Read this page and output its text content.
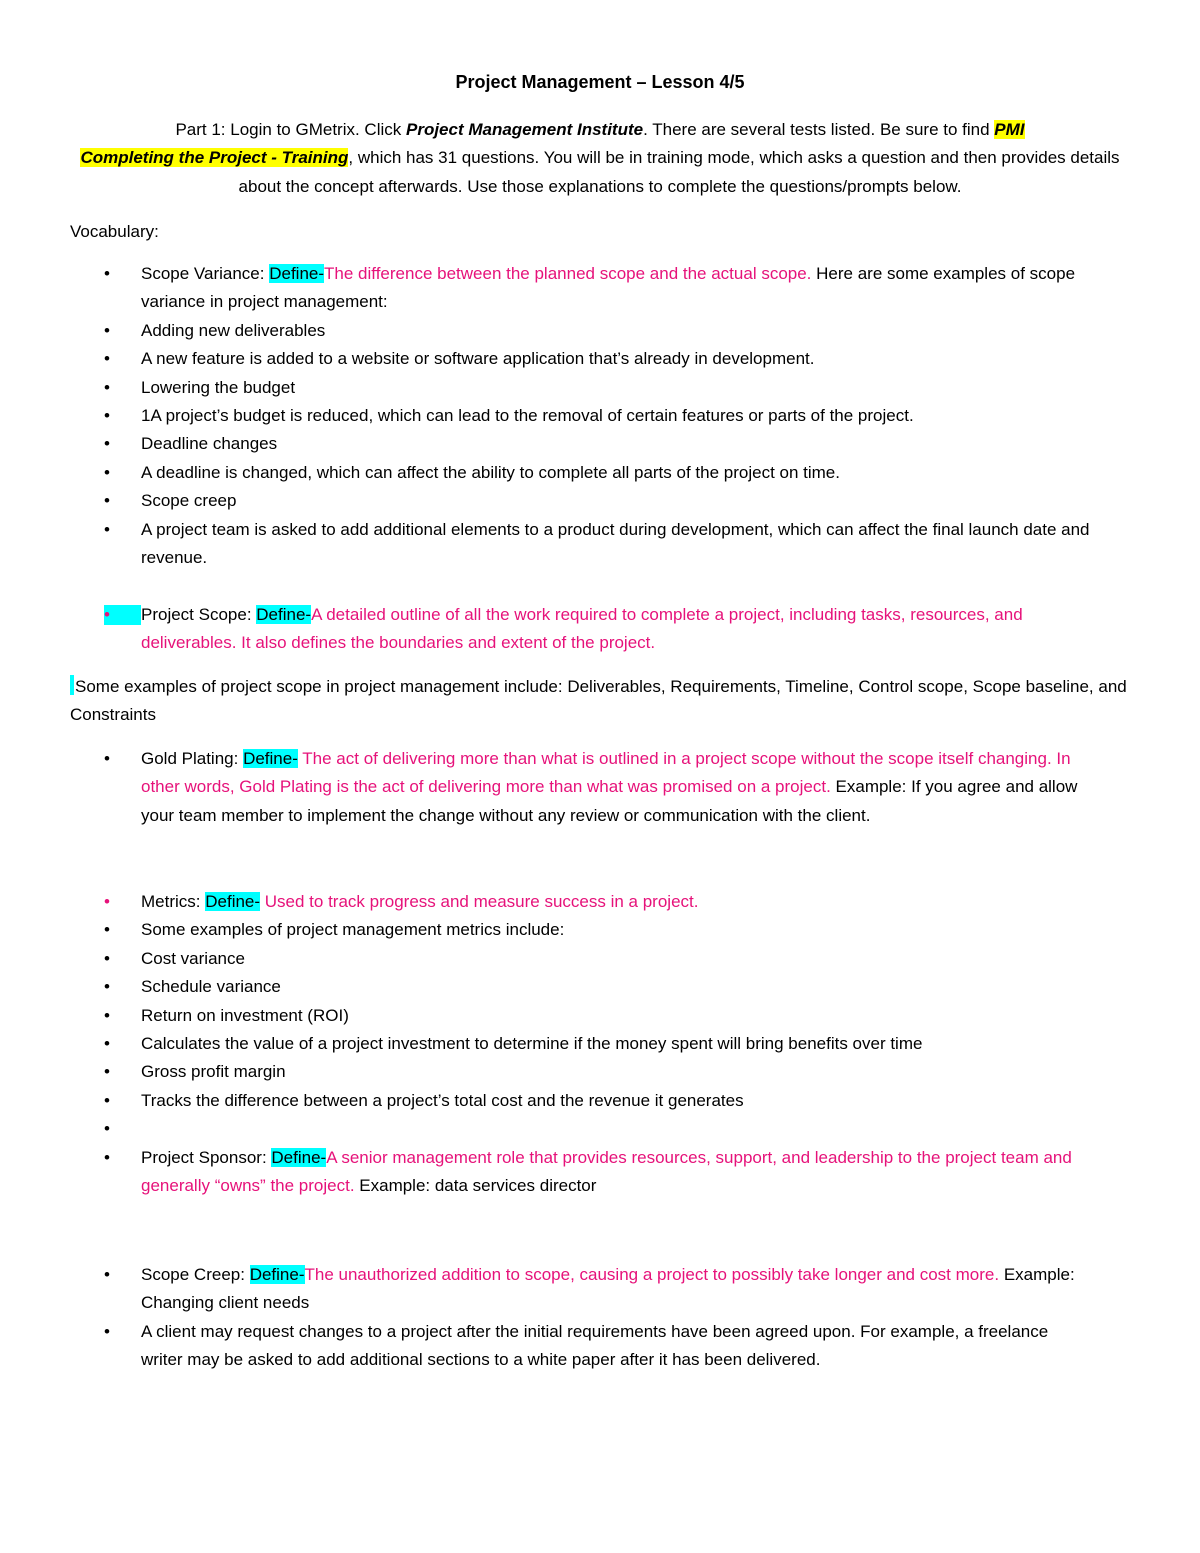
Project Management – Lesson 4/5
Part 1: Login to GMetrix. Click Project Management Institute. There are several tests listed. Be sure to find PMI
Completing the Project - Training, which has 31 questions. You will be in training mode, which asks a question and then provides details about the concept afterwards. Use those explanations to complete the questions/prompts below.
Vocabulary:
•
Scope Variance: Define-The difference between the planned scope and the actual scope. Here are some examples of scope variance in project management:
•
Adding new deliverables
•
A new feature is added to a website or software application that’s already in development.
•
Lowering the budget
•
1A project’s budget is reduced, which can lead to the removal of certain features or parts of the project.
•
Deadline changes
•
A deadline is changed, which can affect the ability to complete all parts of the project on time.
•
Scope creep
•
A project team is asked to add additional elements to a product during development, which can affect the final launch date and revenue.
•
Project Scope: Define-A detailed outline of all the work required to complete a project, including tasks, resources, and deliverables. It also defines the boundaries and extent of the project.
Some examples of project scope in project management include: Deliverables, Requirements, Timeline, Control scope, Scope baseline, and Constraints
•
Gold Plating: Define- The act of delivering more than what is outlined in a project scope without the scope itself changing. In other words, Gold Plating is the act of delivering more than what was promised on a project. Example: If you agree and allow your team member to implement the change without any review or communication with the client.
•
Metrics: Define- Used to track progress and measure success in a project.
•
Some examples of project management metrics include:
•
Cost variance
•
Schedule variance
•
Return on investment (ROI)
•
Calculates the value of a project investment to determine if the money spent will bring benefits over time
•
Gross profit margin
•
Tracks the difference between a project’s total cost and the revenue it generates
•

•
Project Sponsor: Define-A senior management role that provides resources, support, and leadership to the project team and generally “owns” the project. Example: data services director
•
Scope Creep: Define-The unauthorized addition to scope, causing a project to possibly take longer and cost more. Example: Changing client needs
•
A client may request changes to a project after the initial requirements have been agreed upon. For example, a freelance writer may be asked to add additional sections to a white paper after it has been delivered.
